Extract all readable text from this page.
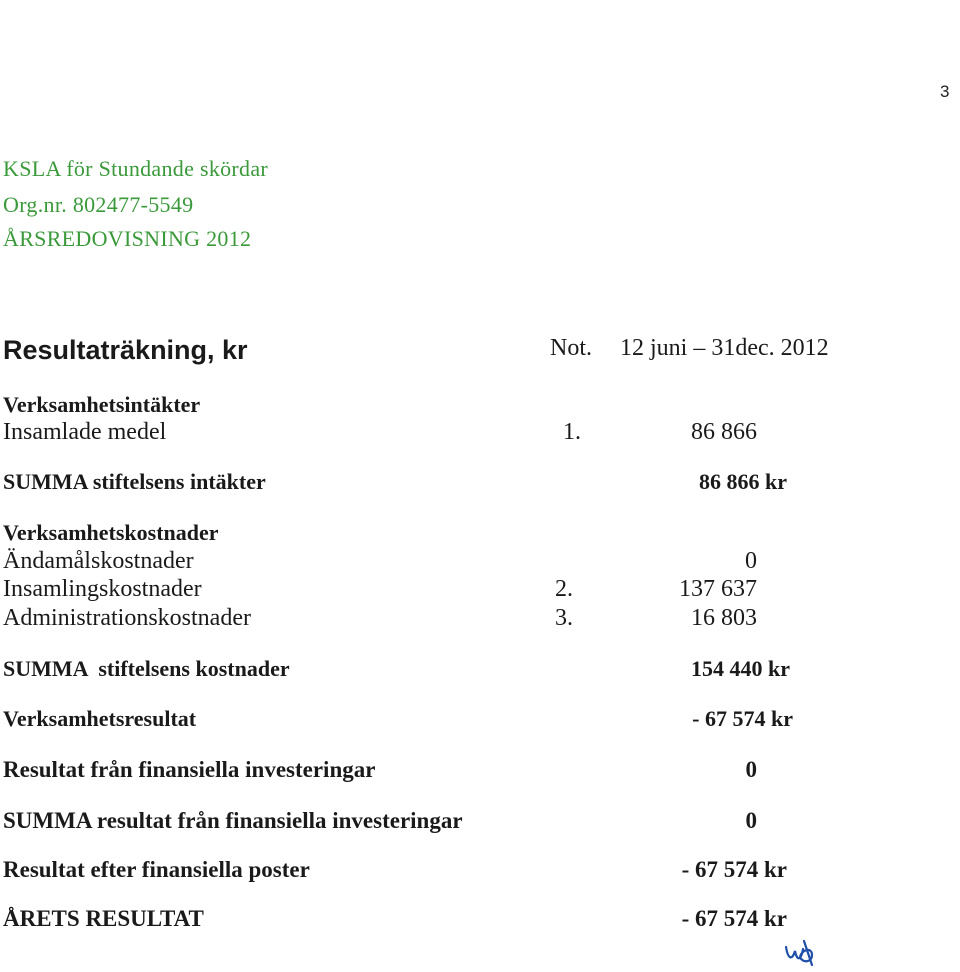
3
KSLA för Stundande skördar
Org.nr. 802477-5549
ÅRSREDOVISNING 2012
Resultaträkning, kr	Not. 12 juni – 31dec. 2012
Verksamhetsintäkter
Insamlade medel	1.	86 866
SUMMA stiftelsens intäkter	86 866 kr
Verksamhetskostnader
Ändamålskostnader	0
Insamlingskostnader	2.	137 637
Administrationskostnader	3.	16 803
SUMMA  stiftelsens kostnader	154 440 kr
Verksamhetsresultat	- 67 574 kr
Resultat från finansiella investeringar	0
SUMMA resultat från finansiella investeringar	0
Resultat efter finansiella poster	- 67 574 kr
ÅRETS RESULTAT	- 67 574 kr
